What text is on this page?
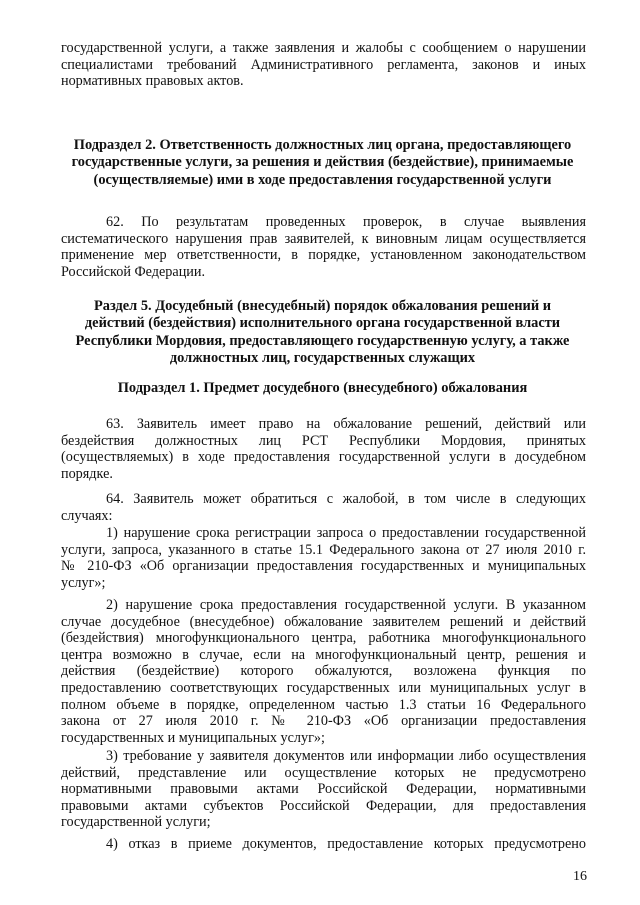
государственной услуги, а также заявления и жалобы с сообщением о нарушении
специалистами требований Административного регламента, законов и иных
нормативных правовых актов.
Подраздел 2. Ответственность должностных лиц органа, предоставляющего
государственные услуги, за решения и действия (бездействие), принимаемые
(осуществляемые) ими в ходе предоставления государственной услуги
62. По результатам проведенных проверок, в случае выявления
систематического нарушения прав заявителей, к виновным лицам осуществляется
применение мер ответственности, в порядке, установленном законодательством
Российской Федерации.
Раздел 5. Досудебный (внесудебный) порядок обжалования решений и
действий (бездействия) исполнительного органа государственной власти
Республики Мордовия, предоставляющего государственную услугу, а также
должностных лиц, государственных служащих
Подраздел 1. Предмет досудебного (внесудебного) обжалования
63. Заявитель имеет право на обжалование решений, действий или
бездействия должностных лиц РСТ Республики Мордовия, принятых
(осуществляемых) в ходе предоставления государственной услуги в досудебном
порядке.
64. Заявитель может обратиться с жалобой, в том числе в следующих
случаях:
1) нарушение срока регистрации запроса о предоставлении государственной
услуги, запроса, указанного в статье 15.1 Федерального закона от 27 июля 2010 г.
№ 210-ФЗ «Об организации предоставления государственных и муниципальных
услуг»;
2) нарушение срока предоставления государственной услуги. В указанном
случае досудебное (внесудебное) обжалование заявителем решений и действий
(бездействия) многофункционального центра, работника многофункционального
центра возможно в случае, если на многофункциональный центр, решения и
действия (бездействие) которого обжалуются, возложена функция по
предоставлению соответствующих государственных или муниципальных услуг в
полном объеме в порядке, определенном частью 1.3 статьи 16 Федерального
закона от 27 июля 2010 г. № 210-ФЗ «Об организации предоставления
государственных и муниципальных услуг»;
3) требование у заявителя документов или информации либо осуществления
действий, представление или осуществление которых не предусмотрено
нормативными правовыми актами Российской Федерации, нормативными
правовыми актами субъектов Российской Федерации, для предоставления
государственной услуги;
4) отказ в приеме документов, предоставление которых предусмотрено
16
